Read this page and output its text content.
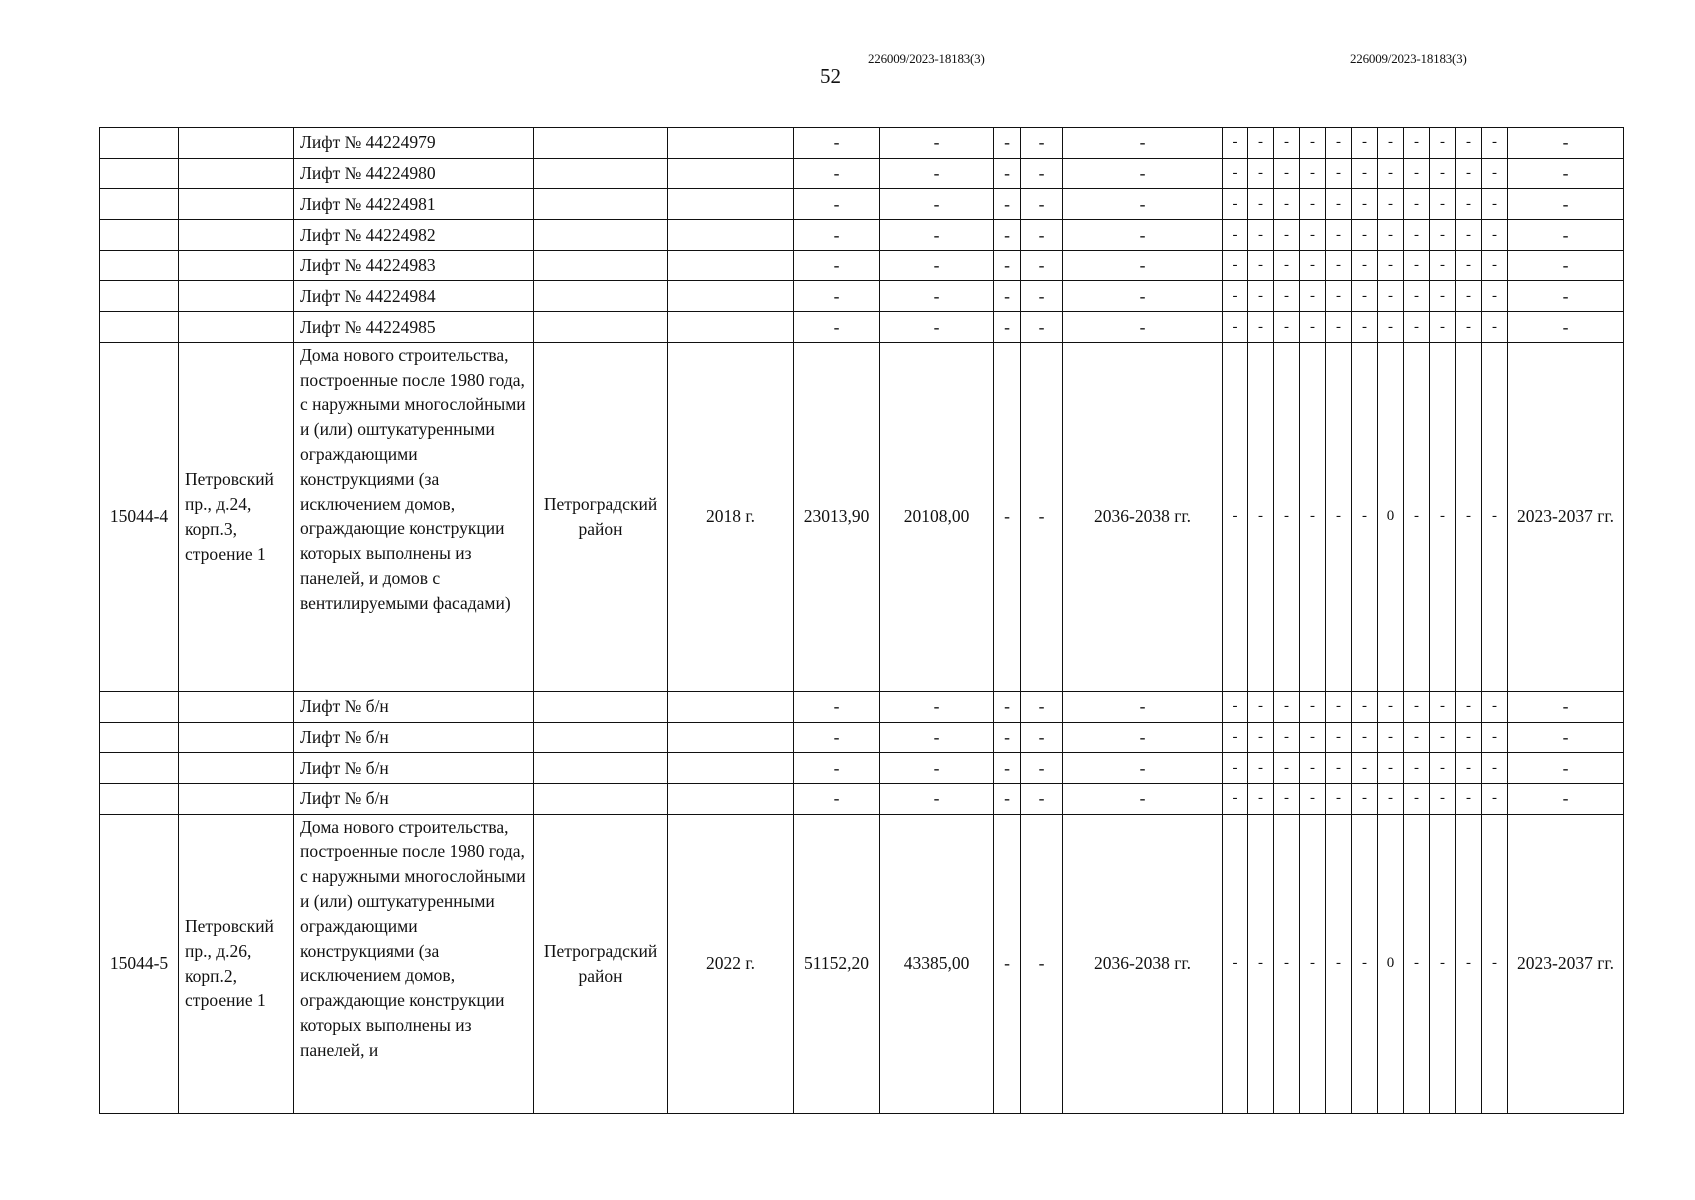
226009/2023-18183(3)
52
226009/2023-18183(3)
		Лифт № 44224979			-	-	-	-	-	-	-	-	-	-	-	-	-	-	-	-	-
		Лифт № 44224980			-	-	-	-	-	-	-	-	-	-	-	-	-	-	-	-	-
		Лифт № 44224981			-	-	-	-	-	-	-	-	-	-	-	-	-	-	-	-	-
		Лифт № 44224982			-	-	-	-	-	-	-	-	-	-	-	-	-	-	-	-	-
		Лифт № 44224983			-	-	-	-	-	-	-	-	-	-	-	-	-	-	-	-	-
		Лифт № 44224984			-	-	-	-	-	-	-	-	-	-	-	-	-	-	-	-	-
		Лифт № 44224985			-	-	-	-	-	-	-	-	-	-	-	-	-	-	-	-	-
15044-4	Петровский пр., д.24, корп.3, строение 1	Дома нового строительства, построенные после 1980 года, с наружными многослойными и (или) оштукатуренными ограждающими конструкциями (за исключением домов, ограждающие конструкции которых выполнены из панелей, и домов с вентилируемыми фасадами)	Петроградский район	2018 г.	23013,90	20108,00	-	-	2036-2038 гг.	-	-	-	-	-	-	0	-	-	-	-	2023-2037 гг.
		Лифт № б/н			-	-	-	-	-	-	-	-	-	-	-	-	-	-	-	-	-
		Лифт № б/н			-	-	-	-	-	-	-	-	-	-	-	-	-	-	-	-	-
		Лифт № б/н			-	-	-	-	-	-	-	-	-	-	-	-	-	-	-	-	-
		Лифт № б/н			-	-	-	-	-	-	-	-	-	-	-	-	-	-	-	-	-
15044-5	Петровский пр., д.26, корп.2, строение 1	Дома нового строительства, построенные после 1980 года, с наружными многослойными и (или) оштукатуренными ограждающими конструкциями (за исключением домов, ограждающие конструкции которых выполнены из панелей, и	Петроградский район	2022 г.	51152,20	43385,00	-	-	2036-2038 гг.	-	-	-	-	-	-	0	-	-	-	-	2023-2037 гг.
